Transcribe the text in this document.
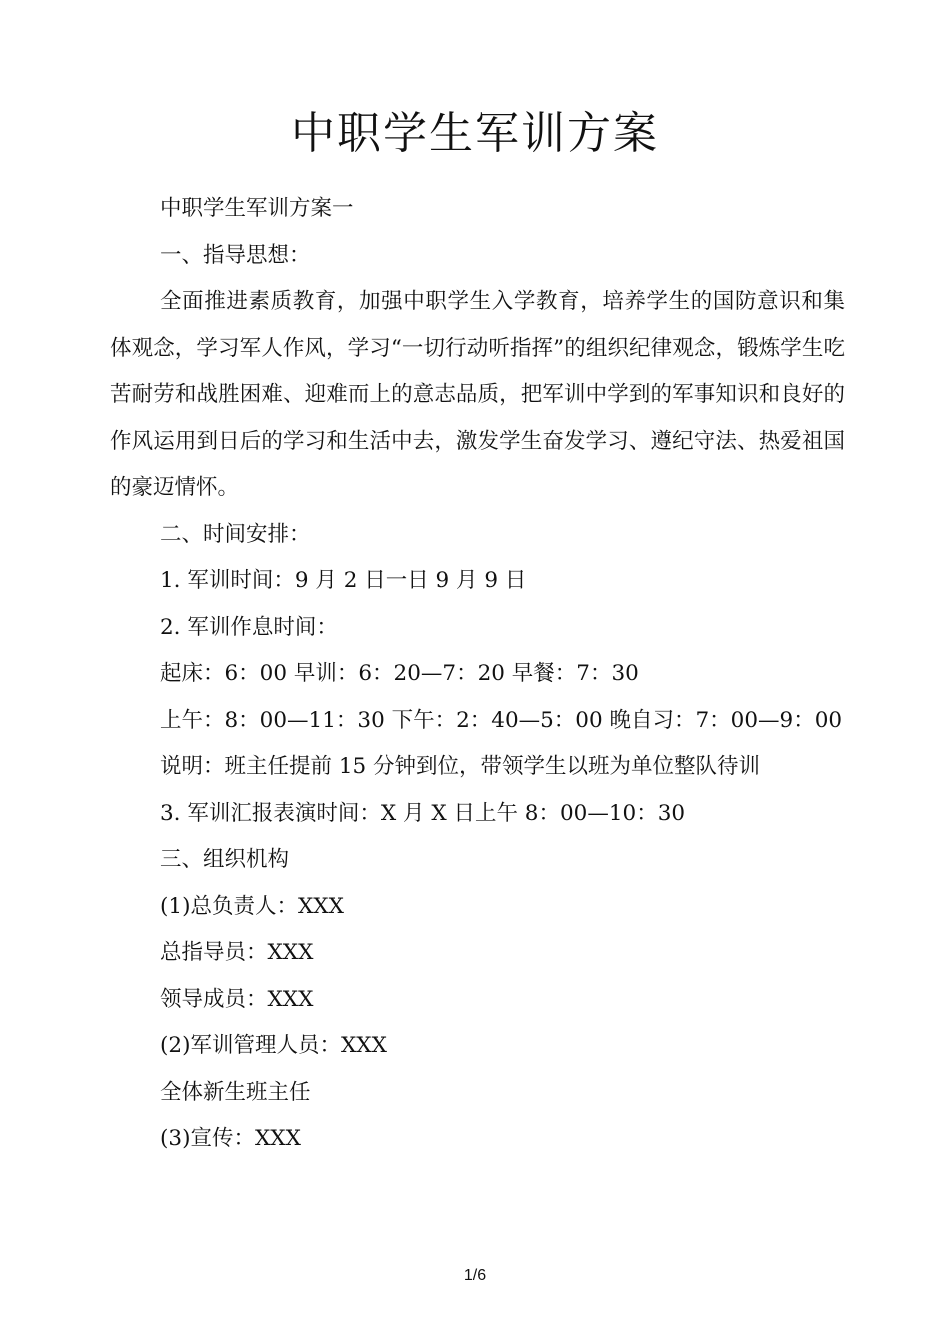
中职学生军训方案

中职学生军训方案一

一、指导思想：

全面推进素质教育，加强中职学生入学教育，培养学生的国防意识和集体观念，学习军人作风，学习“一切行动听指挥”的组织纪律观念，锻炼学生吃苦耐劳和战胜困难、迎难而上的意志品质，把军训中学到的军事知识和良好的作风运用到日后的学习和生活中去，激发学生奋发学习、遵纪守法、热爱祖国的豪迈情怀。

二、时间安排：

1. 军训时间：9 月 2 日一日 9 月 9 日

2. 军训作息时间：

起床：6：00 早训：6：20—7：20 早餐：7：30

上午：8：00—11：30 下午：2：40—5：00 晚自习：7：00—9：00

说明：班主任提前 15 分钟到位，带领学生以班为单位整队待训

3. 军训汇报表演时间：X 月 X 日上午 8：00—10：30

三、组织机构

(1)总负责人：XXX

总指导员：XXX

领导成员：XXX

(2)军训管理人员：XXX

全体新生班主任

(3)宣传：XXX

1/6
